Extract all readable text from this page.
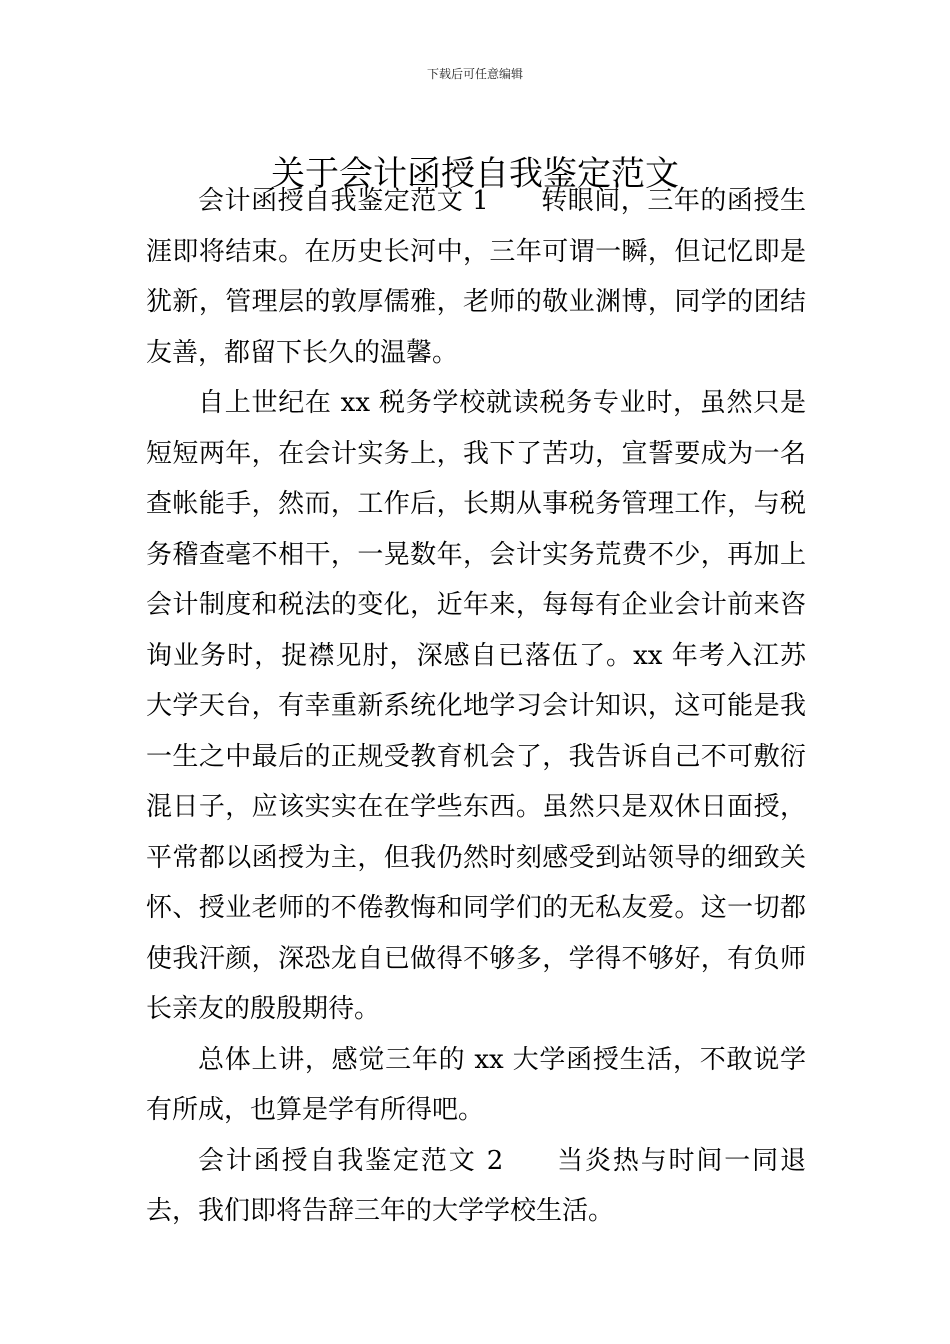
下载后可任意编辑
关于会计函授自我鉴定范文

会计函授自我鉴定范文 1 转眼间，三年的函授生涯即将结束。在历史长河中，三年可谓一瞬，但记忆即是犹新，管理层的敦厚儒雅，老师的敬业渊博，同学的团结友善，都留下长久的温馨。

自上世纪在 xx 税务学校就读税务专业时，虽然只是短短两年，在会计实务上，我下了苦功，宣誓要成为一名查帐能手，然而，工作后，长期从事税务管理工作，与税务稽查毫不相干，一晃数年，会计实务荒费不少，再加上会计制度和税法的变化，近年来，每每有企业会计前来咨询业务时，捉襟见肘，深感自已落伍了。xx 年考入江苏大学天台，有幸重新系统化地学习会计知识，这可能是我一生之中最后的正规受教育机会了，我告诉自己不可敷衍混日子，应该实实在在学些东西。虽然只是双休日面授，平常都以函授为主，但我仍然时刻感受到站领导的细致关怀、授业老师的不倦教悔和同学们的无私友爱。这一切都使我汗颜，深恐龙自已做得不够多，学得不够好，有负师长亲友的殷殷期待。

总体上讲，感觉三年的 xx 大学函授生活，不敢说学有所成，也算是学有所得吧。

会计函授自我鉴定范文 2 当炎热与时间一同退去，我们即将告辞三年的大学学校生活。
